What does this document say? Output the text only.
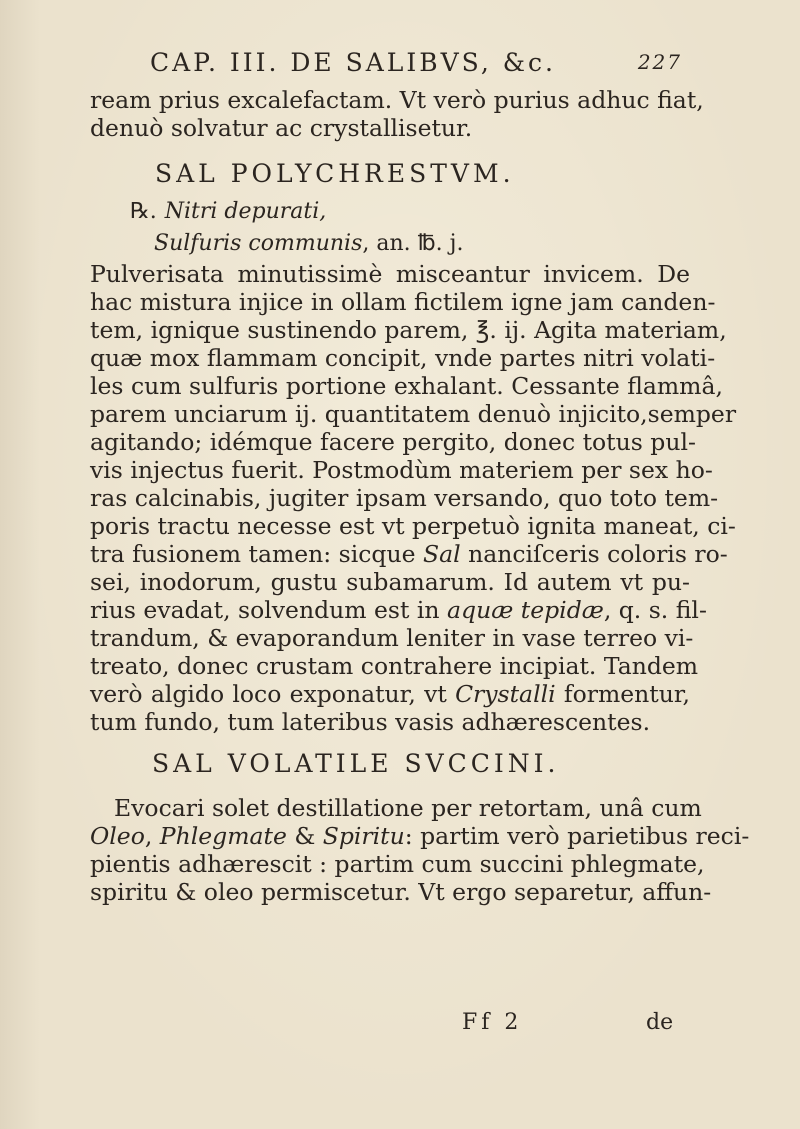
CAP. III. DE SALIBVS, &c.	227
ream prius excalefactam. Vt verò purius adhuc fiat,
denuò solvatur ac crystallisetur.
SAL POLYCHRESTVM.
℞. Nitri depurati,
Sulfuris communis, an. ℔. j.
Pulverisata minutissimè misceantur invicem. De
hac mistura injice in ollam fictilem igne jam canden-
tem, ignique sustinendo parem, ℥. ij. Agita materiam,
quæ mox flammam concipit, vnde partes nitri volati-
les cum sulfuris portione exhalant. Cessante flammâ,
parem unciarum ij. quantitatem denuò injicito,semper
agitando; idémque facere pergito, donec totus pul-
vis injectus fuerit. Postmodùm materiem per sex ho-
ras calcinabis, jugiter ipsam versando, quo toto tem-
poris tractu necesse est vt perpetuò ignita maneat, ci-
tra fusionem tamen: sicque Sal nanciſceris coloris ro-
sei, inodorum, gustu subamarum. Id autem vt pu-
rius evadat, solvendum est in aquæ tepidæ, q. s. fil-
trandum, & evaporandum leniter in vase terreo vi-
treato, donec crustam contrahere incipiat. Tandem
verò algido loco exponatur, vt Crystalli formentur,
tum fundo, tum lateribus vasis adhærescentes.
SAL VOLATILE SVCCINI.
Evocari solet destillatione per retortam, unâ cum
Oleo, Phlegmate & Spiritu: partim verò parietibus reci-
pientis adhærescit : partim cum succini phlegmate,
spiritu & oleo permiscetur. Vt ergo separetur, affun-
Ff 2	de
